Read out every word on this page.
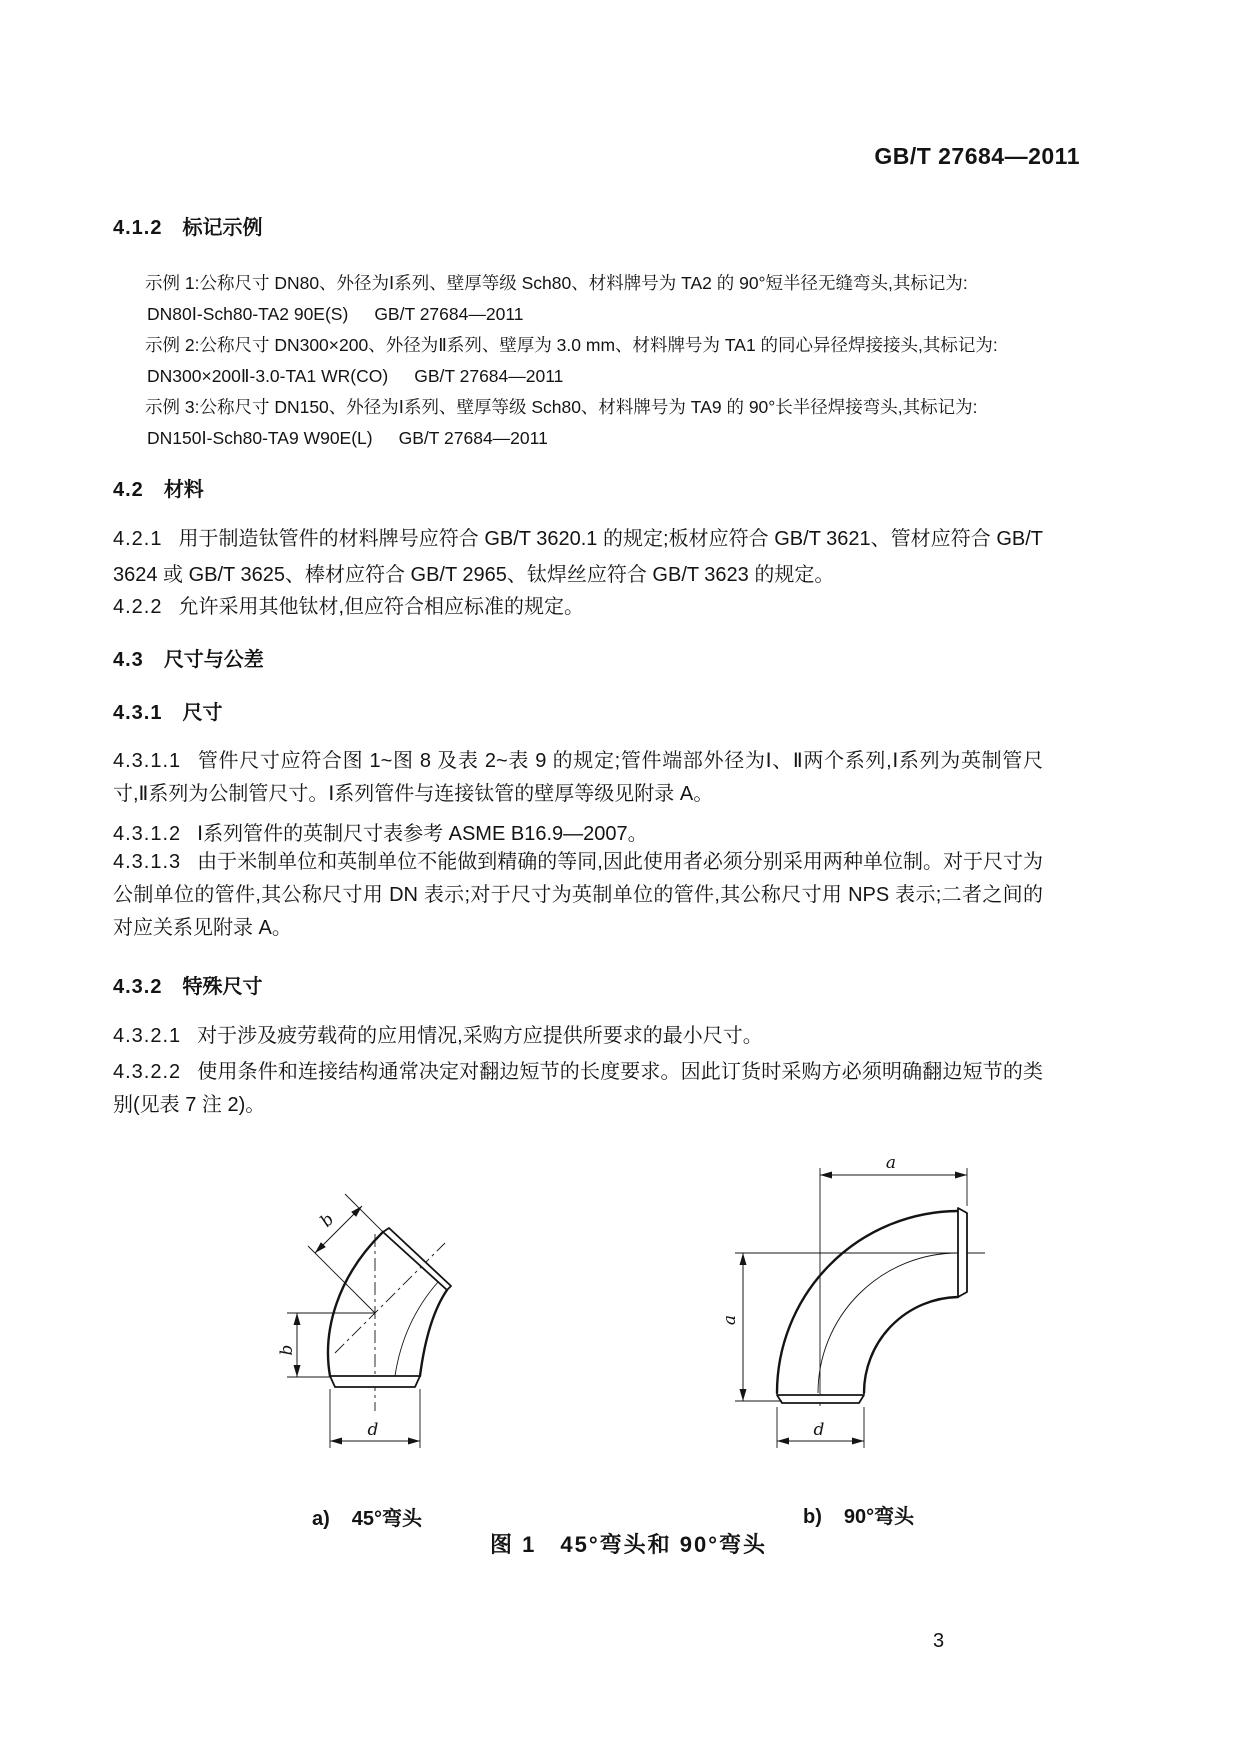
GB/T 27684—2011
4.1.2 标记示例
示例 1:公称尺寸 DN80、外径为Ⅰ系列、壁厚等级 Sch80、材料牌号为 TA2 的 90°短半径无缝弯头,其标记为:
DN80Ⅰ-Sch80-TA2 90E(S) GB/T 27684—2011
示例 2:公称尺寸 DN300×200、外径为Ⅱ系列、壁厚为 3.0 mm、材料牌号为 TA1 的同心异径焊接接头,其标记为:
DN300×200Ⅱ-3.0-TA1 WR(CO) GB/T 27684—2011
示例 3:公称尺寸 DN150、外径为Ⅰ系列、壁厚等级 Sch80、材料牌号为 TA9 的 90°长半径焊接弯头,其标记为:
DN150Ⅰ-Sch80-TA9 W90E(L) GB/T 27684—2011
4.2 材料
4.2.1 用于制造钛管件的材料牌号应符合 GB/T 3620.1 的规定;板材应符合 GB/T 3621、管材应符合 GB/T 3624 或 GB/T 3625、棒材应符合 GB/T 2965、钛焊丝应符合 GB/T 3623 的规定。
4.2.2 允许采用其他钛材,但应符合相应标准的规定。
4.3 尺寸与公差
4.3.1 尺寸
4.3.1.1 管件尺寸应符合图 1~图 8 及表 2~表 9 的规定;管件端部外径为Ⅰ、Ⅱ两个系列,Ⅰ系列为英制管尺寸,Ⅱ系列为公制管尺寸。Ⅰ系列管件与连接钛管的壁厚等级见附录 A。
4.3.1.2 Ⅰ系列管件的英制尺寸表参考 ASME B16.9—2007。
4.3.1.3 由于米制单位和英制单位不能做到精确的等同,因此使用者必须分别采用两种单位制。对于尺寸为公制单位的管件,其公称尺寸用 DN 表示;对于尺寸为英制单位的管件,其公称尺寸用 NPS 表示;二者之间的对应关系见附录 A。
4.3.2 特殊尺寸
4.3.2.1 对于涉及疲劳载荷的应用情况,采购方应提供所要求的最小尺寸。
4.3.2.2 使用条件和连接结构通常决定对翻边短节的长度要求。因此订货时采购方必须明确翻边短节的类别(见表 7 注 2)。
b
b
d
a
a
d
a) 45°弯头	b) 90°弯头
图 1 45°弯头和 90°弯头
3
